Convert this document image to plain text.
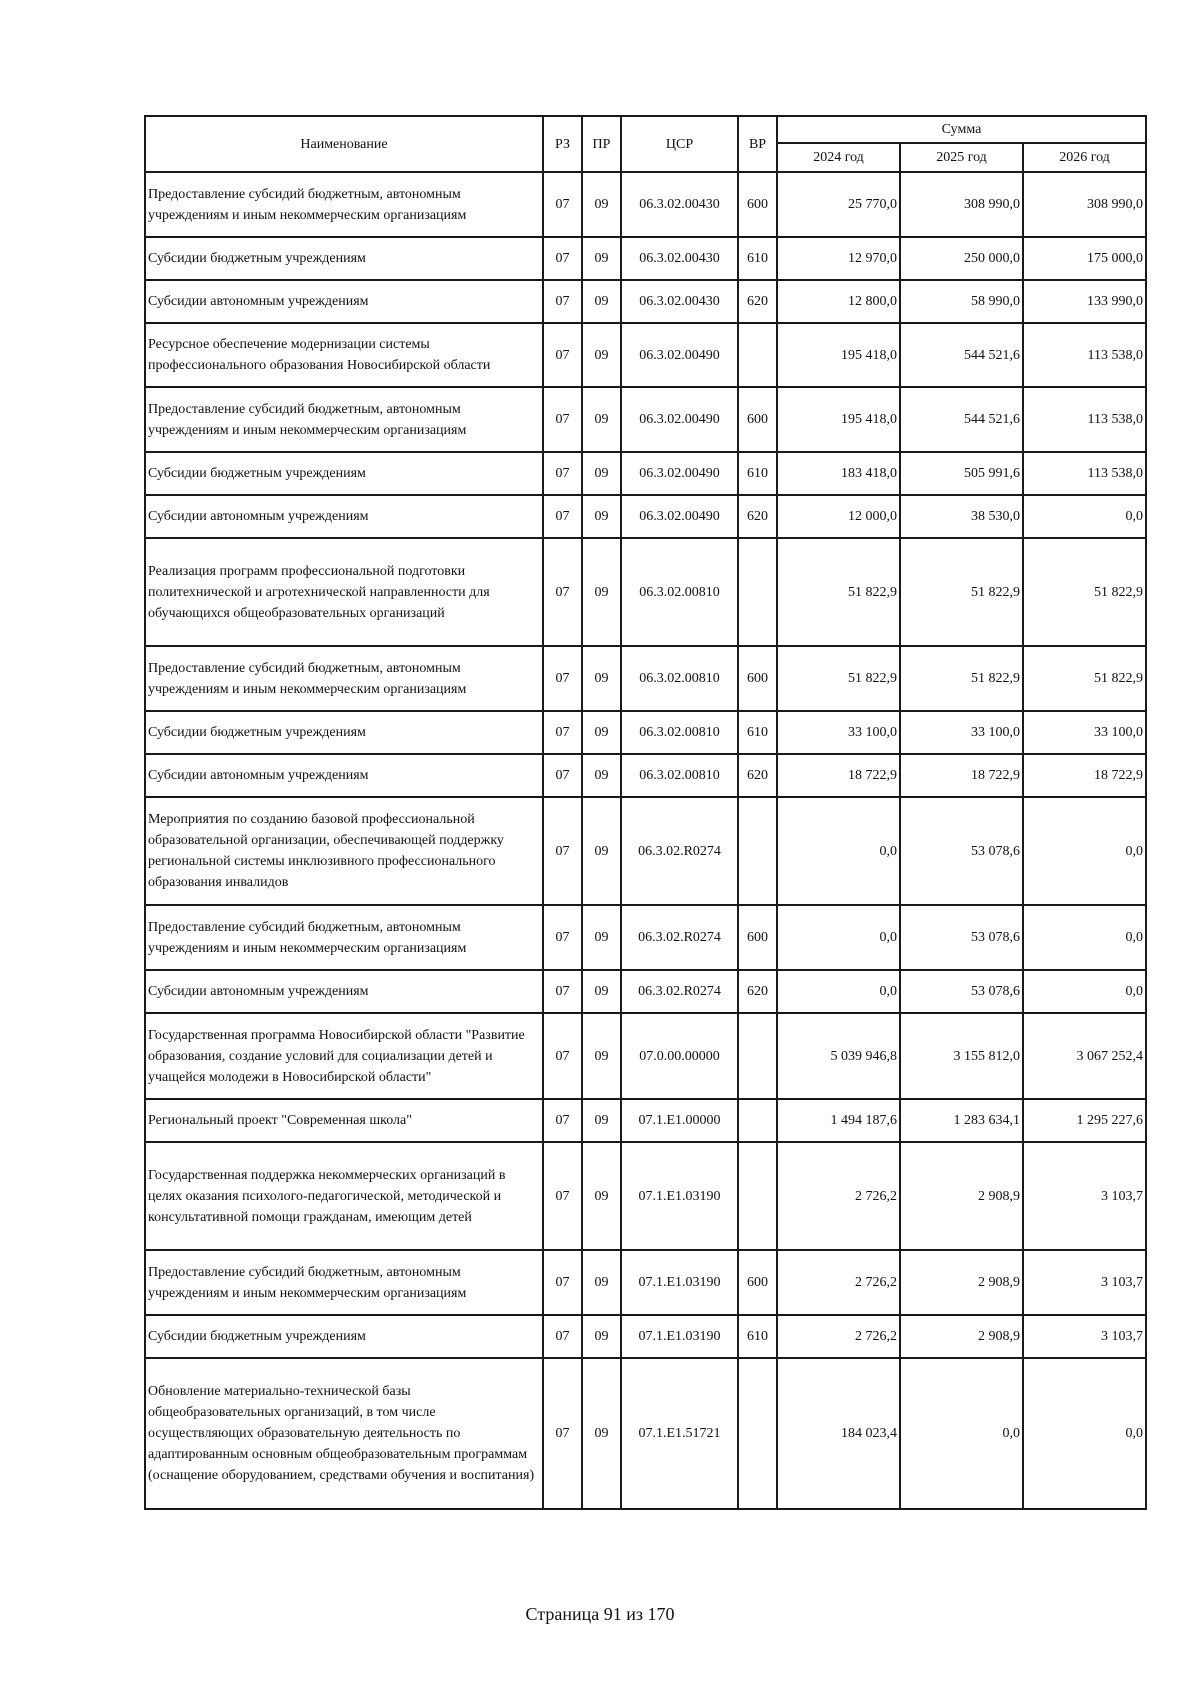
Наименование	РЗ	ПР	ЦСР	ВР	Сумма		
					2024 год	2025 год	2026 год
Предоставление субсидий бюджетным, автономным учреждениям и иным некоммерческим организациям	07	09	06.3.02.00430	600	25 770,0	308 990,0	308 990,0
Субсидии бюджетным учреждениям	07	09	06.3.02.00430	610	12 970,0	250 000,0	175 000,0
Субсидии автономным учреждениям	07	09	06.3.02.00430	620	12 800,0	58 990,0	133 990,0
Ресурсное обеспечение модернизации системы профессионального образования Новосибирской области	07	09	06.3.02.00490		195 418,0	544 521,6	113 538,0
Предоставление субсидий бюджетным, автономным учреждениям и иным некоммерческим организациям	07	09	06.3.02.00490	600	195 418,0	544 521,6	113 538,0
Субсидии бюджетным учреждениям	07	09	06.3.02.00490	610	183 418,0	505 991,6	113 538,0
Субсидии автономным учреждениям	07	09	06.3.02.00490	620	12 000,0	38 530,0	0,0
Реализация программ профессиональной подготовки политехнической и агротехнической направленности для обучающихся общеобразовательных организаций	07	09	06.3.02.00810		51 822,9	51 822,9	51 822,9
Предоставление субсидий бюджетным, автономным учреждениям и иным некоммерческим организациям	07	09	06.3.02.00810	600	51 822,9	51 822,9	51 822,9
Субсидии бюджетным учреждениям	07	09	06.3.02.00810	610	33 100,0	33 100,0	33 100,0
Субсидии автономным учреждениям	07	09	06.3.02.00810	620	18 722,9	18 722,9	18 722,9
Мероприятия по созданию базовой профессиональной образовательной организации, обеспечивающей поддержку региональной системы инклюзивного профессионального образования инвалидов	07	09	06.3.02.R0274		0,0	53 078,6	0,0
Предоставление субсидий бюджетным, автономным учреждениям и иным некоммерческим организациям	07	09	06.3.02.R0274	600	0,0	53 078,6	0,0
Субсидии автономным учреждениям	07	09	06.3.02.R0274	620	0,0	53 078,6	0,0
Государственная программа Новосибирской области "Развитие образования, создание условий для социализации детей и учащейся молодежи в Новосибирской области"	07	09	07.0.00.00000		5 039 946,8	3 155 812,0	3 067 252,4
Региональный проект "Современная школа"	07	09	07.1.E1.00000		1 494 187,6	1 283 634,1	1 295 227,6
Государственная поддержка некоммерческих организаций в целях оказания психолого-педагогической, методической и консультативной помощи гражданам, имеющим детей	07	09	07.1.E1.03190		2 726,2	2 908,9	3 103,7
Предоставление субсидий бюджетным, автономным учреждениям и иным некоммерческим организациям	07	09	07.1.E1.03190	600	2 726,2	2 908,9	3 103,7
Субсидии бюджетным учреждениям	07	09	07.1.E1.03190	610	2 726,2	2 908,9	3 103,7
Обновление материально-технической базы общеобразовательных организаций, в том числе осуществляющих образовательную деятельность по адаптированным основным общеобразовательным программам (оснащение оборудованием, средствами обучения и воспитания)	07	09	07.1.E1.51721		184 023,4	0,0	0,0
Страница 91 из 170
